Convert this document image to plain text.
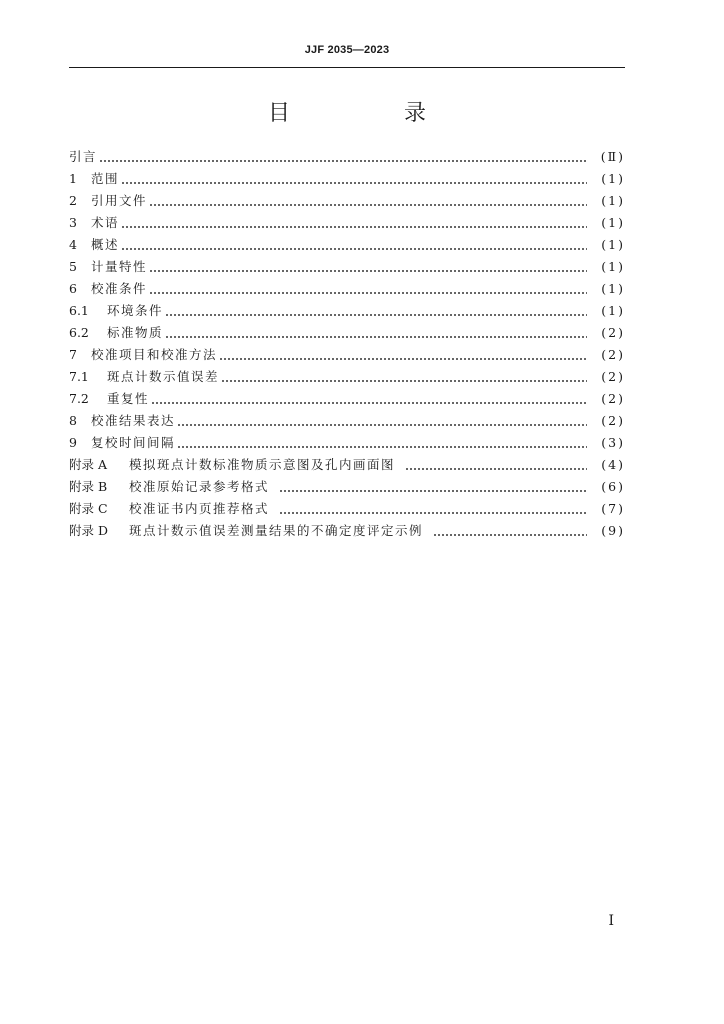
JJF 2035—2023
目　录
引言	(Ⅱ)
1	范围	(1)
2	引用文件	(1)
3	术语	(1)
4	概述	(1)
5	计量特性	(1)
6	校准条件	(1)
6.1	环境条件	(1)
6.2	标准物质	(2)
7	校准项目和校准方法	(2)
7.1	斑点计数示值误差	(2)
7.2	重复性	(2)
8	校准结果表达	(2)
9	复校时间间隔	(3)
附录 A	模拟斑点计数标准物质示意图及孔内画面图	(4)
附录 B	校准原始记录参考格式	(6)
附录 C	校准证书内页推荐格式	(7)
附录 D	斑点计数示值误差测量结果的不确定度评定示例	(9)
Ⅰ
